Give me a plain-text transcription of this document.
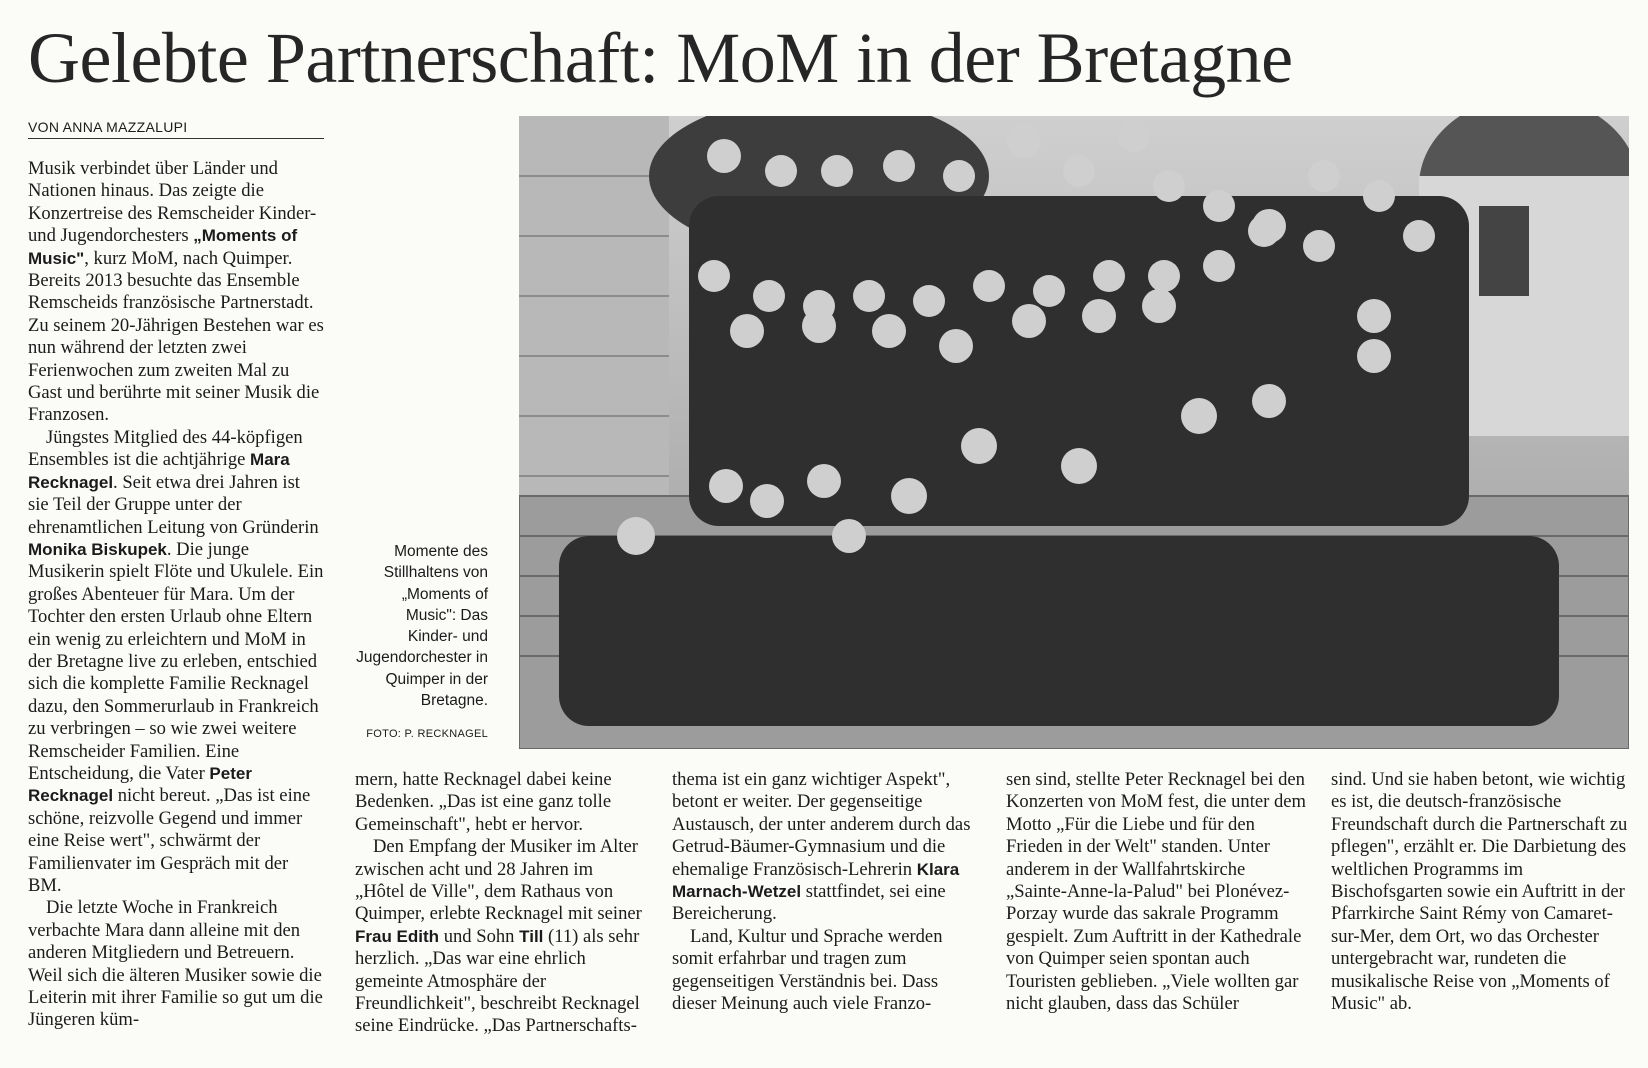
Gelebte Partnerschaft: MoM in der Bretagne
VON ANNA MAZZALUPI

Musik verbindet über Länder und Nationen hinaus. Das zeigte die Konzertreise des Remscheider Kinder- und Jugendorchesters „Moments of Music", kurz MoM, nach Quimper. Bereits 2013 besuchte das Ensemble Remscheids französische Partnerstadt. Zu seinem 20-Jährigen Bestehen war es nun während der letzten zwei Ferienwochen zum zweiten Mal zu Gast und berührte mit seiner Musik die Franzosen.

Jüngstes Mitglied des 44-köpfigen Ensembles ist die achtjährige Mara Recknagel. Seit etwa drei Jahren ist sie Teil der Gruppe unter der ehrenamtlichen Leitung von Gründerin Monika Biskupek. Die junge Musikerin spielt Flöte und Ukulele. Ein großes Abenteuer für Mara. Um der Tochter den ersten Urlaub ohne Eltern ein wenig zu erleichtern und MoM in der Bretagne live zu erleben, entschied sich die komplette Familie Recknagel dazu, den Sommerurlaub in Frankreich zu verbringen – so wie zwei weitere Remscheider Familien. Eine Entscheidung, die Vater Peter Recknagel nicht bereut. „Das ist eine schöne, reizvolle Gegend und immer eine Reise wert", schwärmt der Familienvater im Gespräch mit der BM.

Die letzte Woche in Frankreich verbachte Mara dann alleine mit den anderen Mitgliedern und Betreuern. Weil sich die älteren Musiker sowie die Leiterin mit ihrer Familie so gut um die Jüngeren küm-

Momente des Stillhaltens von „Moments of Music": Das Kinder- und Jugendorchester in Quimper in der Bretagne.
FOTO: P. RECKNAGEL

mern, hatte Recknagel dabei keine Bedenken. „Das ist eine ganz tolle Gemeinschaft", hebt er hervor.

Den Empfang der Musiker im Alter zwischen acht und 28 Jahren im „Hôtel de Ville", dem Rathaus von Quimper, erlebte Recknagel mit seiner Frau Edith und Sohn Till (11) als sehr herzlich. „Das war eine ehrlich gemeinte Atmosphäre der Freundlichkeit", beschreibt Recknagel seine Eindrücke. „Das Partnerschafts-

thema ist ein ganz wichtiger Aspekt", betont er weiter. Der gegenseitige Austausch, der unter anderem durch das Getrud-Bäumer-Gymnasium und die ehemalige Französisch-Lehrerin Klara Marnach-Wetzel stattfindet, sei eine Bereicherung.

Land, Kultur und Sprache werden somit erfahrbar und tragen zum gegenseitigen Verständnis bei. Dass dieser Meinung auch viele Franzo-

sen sind, stellte Peter Recknagel bei den Konzerten von MoM fest, die unter dem Motto „Für die Liebe und für den Frieden in der Welt" standen. Unter anderem in der Wallfahrtskirche „Sainte-Anne-la-Palud" bei Plonévez-Porzay wurde das sakrale Programm gespielt. Zum Auftritt in der Kathedrale von Quimper seien spontan auch Touristen geblieben. „Viele wollten gar nicht glauben, dass das Schüler

sind. Und sie haben betont, wie wichtig es ist, die deutsch-französische Freundschaft durch die Partnerschaft zu pflegen", erzählt er. Die Darbietung des weltlichen Programms im Bischofsgarten sowie ein Auftritt in der Pfarrkirche Saint Rémy von Camaret-sur-Mer, dem Ort, wo das Orchester untergebracht war, rundeten die musikalische Reise von „Moments of Music" ab.
